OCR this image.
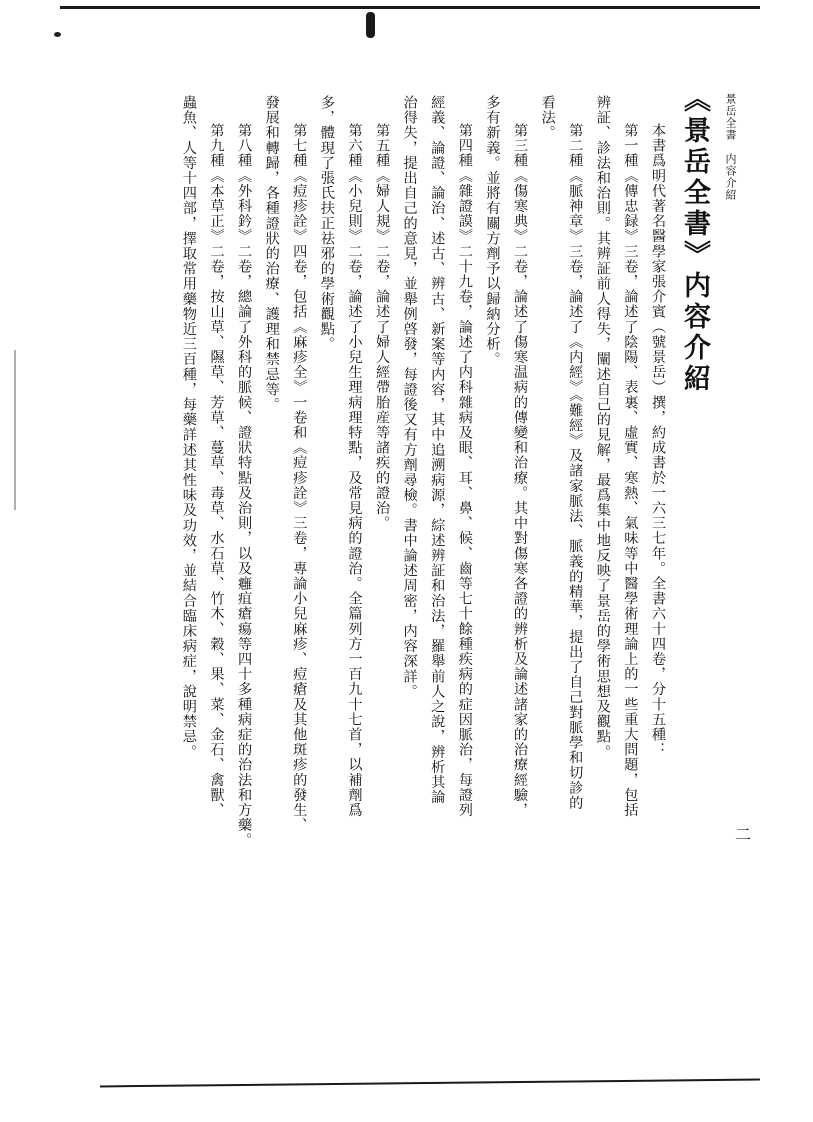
景岳全書　内容介紹
《景岳全書》内容介紹
本書爲明代著名醫學家張介賓（號景岳）撰，約成書於一六三七年。全書六十四卷，分十五種：
第一種《傳忠録》三卷，論述了陰陽、表裏、虛實、寒熱、氣味等中醫學術理論上的一些重大問題，包括
辨証、診法和治則。其辨証前人得失，闡述自己的見解，最爲集中地反映了景岳的學術思想及觀點。
第二種《脈神章》三卷，論述了《内經》《難經》及諸家脈法、脈義的精華，提出了自己對脈學和切診的
看法。
第三種《傷寒典》二卷，論述了傷寒温病的傳變和治療。其中對傷寒各證的辨析及論述諸家的治療經驗，
多有新義。並將有關方劑予以歸納分析。
第四種《雜證謨》二十九卷，論述了内科雜病及眼、耳、鼻、候、齒等七十餘種疾病的症因脈治，每證列
經義、論證、論治、述古、辨古、新案等内容，其中追溯病源，綜述辨証和治法，羅舉前人之說，辨析其論
治得失，提出自己的意見，並舉例啓發，每證後又有方劑尋檢。書中論述周密，内容深詳。
第五種《婦人規》二卷，論述了婦人經帶胎産等諸疾的證治。
第六種《小兒則》二卷，論述了小兒生理病理特點，及常見病的證治。全篇列方一百九十七首，以補劑爲
多，體現了張氏扶正祛邪的學術觀點。
第七種《痘疹詮》四卷，包括《麻疹全》一卷和《痘疹詮》三卷，專論小兒麻疹、痘瘡及其他斑疹的發生、
發展和轉歸，各種證狀的治療、護理和禁忌等。
第八種《外科鈐》二卷，總論了外科的脈候、證狀特點及治則，以及癰疽瘡瘍等四十多種病症的治法和方藥。
第九種《本草正》二卷，按山草、隰草、芳草、蔓草、毒草、水石草、竹木、穀、果、菜、金石、禽獸、
蟲魚、人等十四部，擇取常用藥物近三百種，每藥詳述其性味及功效，並結合臨床病症，說明禁忌。
二
